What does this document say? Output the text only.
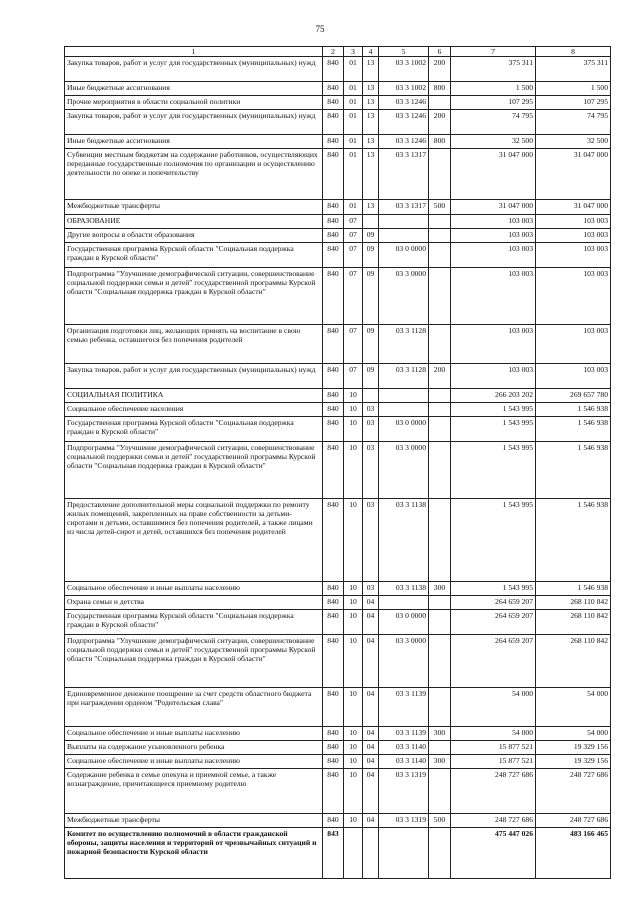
75
1	2	3	4	5	6	7	8
Закупка товаров, работ и услуг для государственных (муниципальных) нужд	840	01	13	03 3 1002	200	375 311	375 311
Иные бюджетные ассигнования	840	01	13	03 3 1002	800	1 500	1 500
Прочие мероприятия в области социальной политики	840	01	13	03 3 1246		107 295	107 295
Закупка товаров, работ и услуг для государственных (муниципальных) нужд	840	01	13	03 3 1246	200	74 795	74 795
Иные бюджетные ассигнования	840	01	13	03 3 1246	800	32 500	32 500
Субвенции местным бюджетам на содержание работников, осуществляющих переданные государственные полномочия по организации и осуществлению деятельности по опеке и попечительству	840	01	13	03 3 1317		31 047 000	31 047 000
Межбюджетные трансферты	840	01	13	03 3 1317	500	31 047 000	31 047 000
ОБРАЗОВАНИЕ	840	07				103 003	103 003
Другие вопросы в области образования	840	07	09			103 003	103 003
Государственная программа Курской области "Социальная поддержка граждан в Курской области"	840	07	09	03 0 0000		103 003	103 003
Подпрограмма "Улучшение демографической ситуации, совершенствование социальной поддержки семьи и детей" государственной программы Курской области "Социальная поддержка граждан в Курской области"	840	07	09	03 3 0000		103 003	103 003
Организация подготовки лиц, желающих принять на воспитание в свою семью ребенка, оставшегося без попечения родителей	840	07	09	03 3 1128		103 003	103 003
Закупка товаров, работ и услуг для государственных (муниципальных) нужд	840	07	09	03 3 1128	200	103 003	103 003
СОЦИАЛЬНАЯ ПОЛИТИКА	840	10				266 203 202	269 657 780
Социальное обеспечение населения	840	10	03			1 543 995	1 546 938
Государственная программа Курской области "Социальная поддержка граждан в Курской области"	840	10	03	03 0 0000		1 543 995	1 546 938
Подпрограмма "Улучшение демографической ситуации, совершенствование социальной поддержки семьи и детей" государственной программы Курской области "Социальная поддержка граждан в Курской области"	840	10	03	03 3 0000		1 543 995	1 546 938
Предоставление дополнительной меры социальной поддержки по ремонту жилых помещений, закрепленных на праве собственности за детьми-сиротами и детьми, оставшимися без попечения родителей, а также лицами из числа детей-сирот и детей, оставшихся без попечения родителей	840	10	03	03 3 1138		1 543 995	1 546 938
Социальное обеспечение и иные выплаты населению	840	10	03	03 3 1138	300	1 543 995	1 546 938
Охрана семьи и детства	840	10	04			264 659 207	268 110 842
Государственная программа Курской области "Социальная поддержка граждан в Курской области"	840	10	04	03 0 0000		264 659 207	268 110 842
Подпрограмма "Улучшение демографической ситуации, совершенствование социальной поддержки семьи и детей" государственной программы Курской области "Социальная поддержка граждан в Курской области"	840	10	04	03 3 0000		264 659 207	268 110 842
Единовременное денежное поощрение за счет средств областного бюджета при награждении орденом "Родительская слава"	840	10	04	03 3 1139		54 000	54 000
Социальное обеспечение и иные выплаты населению	840	10	04	03 3 1139	300	54 000	54 000
Выплаты на содержание усыновленного ребенка	840	10	04	03 3 1140		15 877 521	19 329 156
Социальное обеспечение и иные выплаты населению	840	10	04	03 3 1140	300	15 877 521	19 329 156
Содержание ребенка в семье опекуна и приемной семье, а также вознаграждение, причитающееся приемному родителю	840	10	04	03 3 1319		248 727 686	248 727 686
Межбюджетные трансферты	840	10	04	03 3 1319	500	248 727 686	248 727 686
Комитет по осуществлению полномочий в области гражданской обороны, защиты населения и территорий от чрезвычайных ситуаций и пожарной безопасности Курской области	843					475 447 026	483 166 465
